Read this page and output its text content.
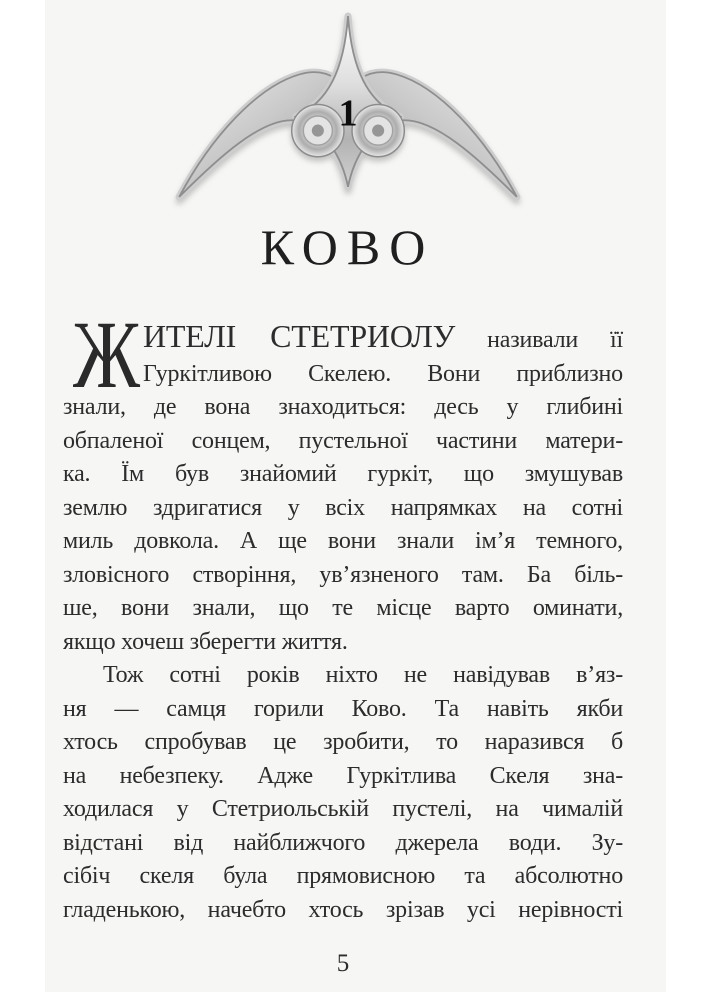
1
КОВО
Ж ИТЕЛІ СТЕТРИОЛУ називали її
Гуркітливою Скелею. Вони приблизно
знали, де вона знаходиться: десь у глибині
обпаленої сонцем, пустельної частини матери-
ка. Їм був знайомий гуркіт, що змушував
землю здригатися у всіх напрямках на сотні
миль довкола. А ще вони знали ім’я темного,
зловісного створіння, ув’язненого там. Ба біль-
ше, вони знали, що те місце варто оминати,
якщо хочеш зберегти життя.
Тож сотні років ніхто не навідував в’яз-
ня — самця горили Ково. Та навіть якби
хтось спробував це зробити, то наразився б
на небезпеку. Адже Гуркітлива Скеля зна-
ходилася у Стетриольській пустелі, на чималій
відстані від найближчого джерела води. Зу-
сібіч скеля була прямовисною та абсолютно
гладенькою, начебто хтось зрізав усі нерівності
5
